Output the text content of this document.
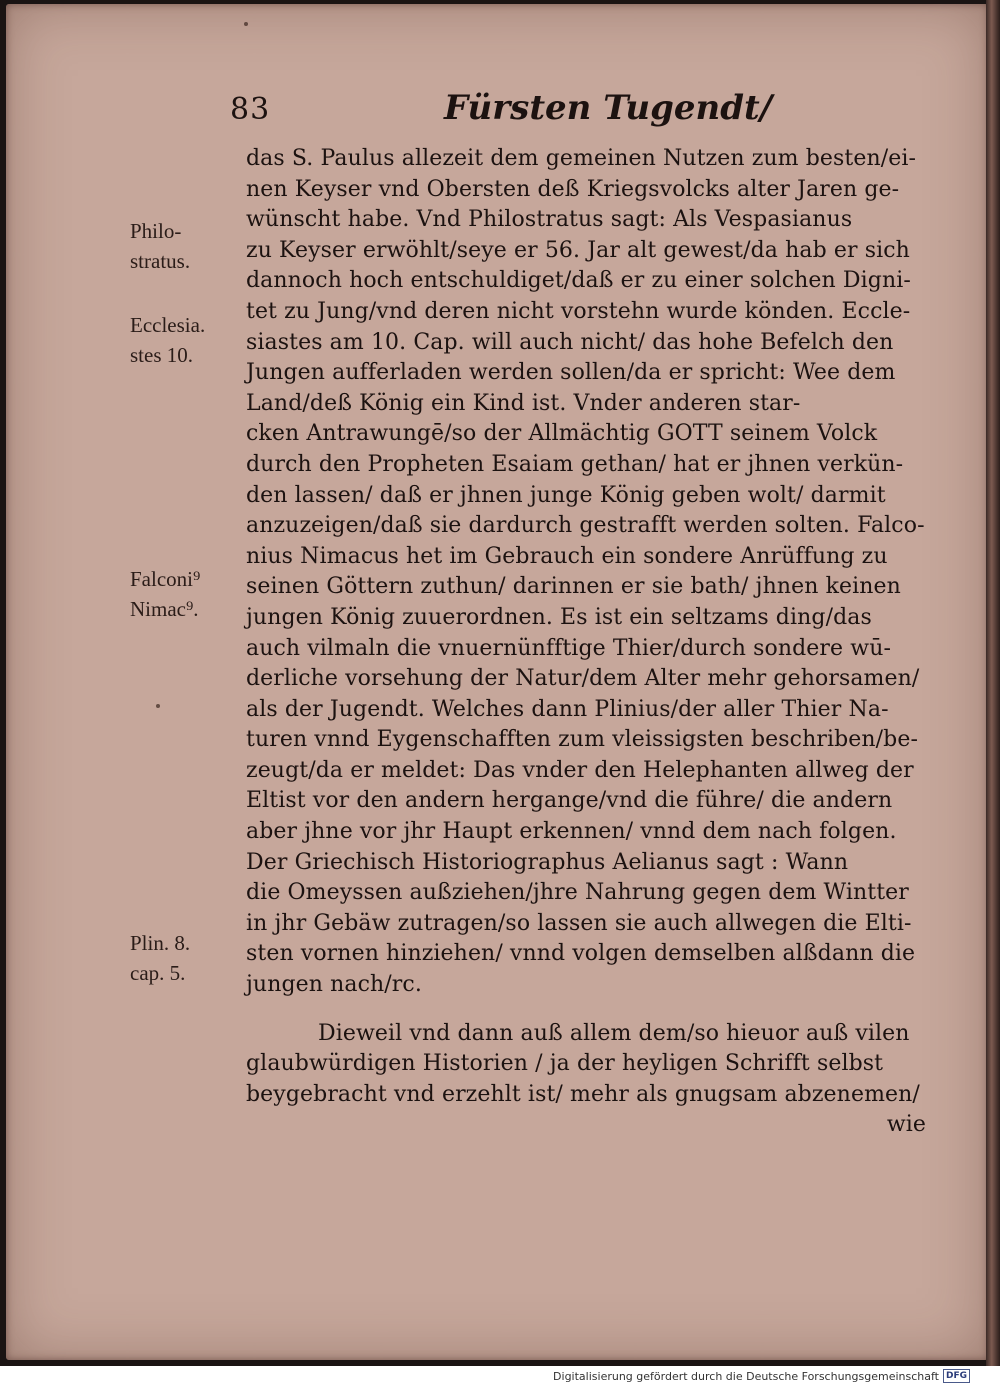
83	Fürsten Tugendt/
Philo-
stratus.
Ecclesia.
stes 10.
Falconi⁹
Nimac⁹.
Plin. 8.
cap. 5.
das S. Paulus allezeit dem gemeinen Nutzen zum besten/ei-
nen Keyser vnd Obersten deß Kriegsvolcks alter Jaren ge-
wünscht habe. Vnd Philostratus sagt: Als Vespasianus
zu Keyser erwöhlt/seye er 56. Jar alt gewest/da hab er sich
dannoch hoch entschuldiget/daß er zu einer solchen Digni-
tet zu Jung/vnd deren nicht vorstehn wurde könden. Eccle-
siastes am 10. Cap. will auch nicht/ das hohe Befelch den
Jungen aufferladen werden sollen/da er spricht: Wee dem
Land/deß König ein Kind ist. Vnder anderen star-
cken Antrawungē/so der Allmächtig GOTT seinem Volck
durch den Propheten Esaiam gethan/ hat er jhnen verkün-
den lassen/ daß er jhnen junge König geben wolt/ darmit
anzuzeigen/daß sie dardurch gestrafft werden solten. Falco-
nius Nimacus het im Gebrauch ein sondere Anrüffung zu
seinen Göttern zuthun/ darinnen er sie bath/ jhnen keinen
jungen König zuuerordnen. Es ist ein seltzams ding/das
auch vilmaln die vnuernünfftige Thier/durch sondere wū-
derliche vorsehung der Natur/dem Alter mehr gehorsamen/
als der Jugendt. Welches dann Plinius/der aller Thier Na-
turen vnnd Eygenschafften zum vleissigsten beschriben/be-
zeugt/da er meldet: Das vnder den Helephanten allweg der
Eltist vor den andern hergange/vnd die führe/ die andern
aber jhne vor jhr Haupt erkennen/ vnnd dem nach folgen.
Der Griechisch Historiographus Aelianus sagt : Wann
die Omeyssen außziehen/jhre Nahrung gegen dem Wintter
in jhr Gebäw zutragen/so lassen sie auch allwegen die Elti-
sten vornen hinziehen/ vnnd volgen demselben alßdann die
jungen nach/rc.
Dieweil vnd dann auß allem dem/so hieuor auß vilen
glaubwürdigen Historien / ja der heyligen Schrifft selbst
beygebracht vnd erzehlt ist/ mehr als gnugsam abzenemen/
wie
Digitalisierung gefördert durch die Deutsche Forschungsgemeinschaft DFG
